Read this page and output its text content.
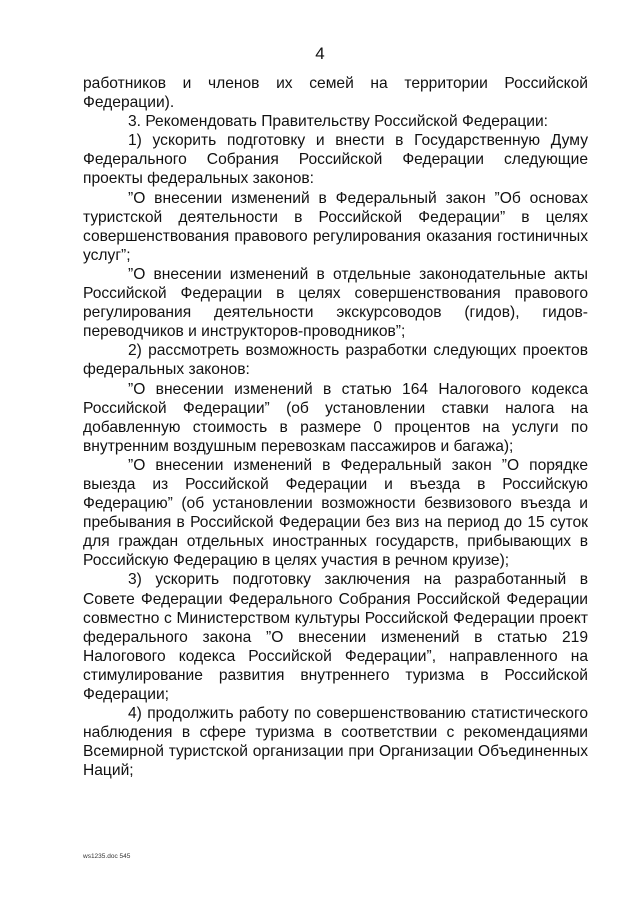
4

работников и членов их семей на территории Российской Федерации).

3. Рекомендовать Правительству Российской Федерации:

1) ускорить подготовку и внести в Государственную Думу Федерального Собрания Российской Федерации следующие проекты федеральных законов:

”О внесении изменений в Федеральный закон ”Об основах туристской деятельности в Российской Федерации” в целях совершенствования правового регулирования оказания гостиничных услуг”;

”О внесении изменений в отдельные законодательные акты Российской Федерации в целях совершенствования правового регулирования деятельности экскурсоводов (гидов), гидов-переводчиков и инструкторов-проводников”;

2) рассмотреть возможность разработки следующих проектов федеральных законов:

”О внесении изменений в статью 164 Налогового кодекса Российской Федерации” (об установлении ставки налога на добавленную стоимость в размере 0 процентов на услуги по внутренним воздушным перевозкам пассажиров и багажа);

”О внесении изменений в Федеральный закон ”О порядке выезда из Российской Федерации и въезда в Российскую Федерацию” (об установлении возможности безвизового въезда и пребывания в Российской Федерации без виз на период до 15 суток для граждан отдельных иностранных государств, прибывающих в Российскую Федерацию в целях участия в речном круизе);

3) ускорить подготовку заключения на разработанный в Совете Федерации Федерального Собрания Российской Федерации совместно с Министерством культуры Российской Федерации проект федерального закона ”О внесении изменений в статью 219 Налогового кодекса Российской Федерации”, направленного на стимулирование развития внутреннего туризма в Российской Федерации;

4) продолжить работу по совершенствованию статистического наблюдения в сфере туризма в соответствии с рекомендациями Всемирной туристской организации при Организации Объединенных Наций;

ws1235.doc 545
